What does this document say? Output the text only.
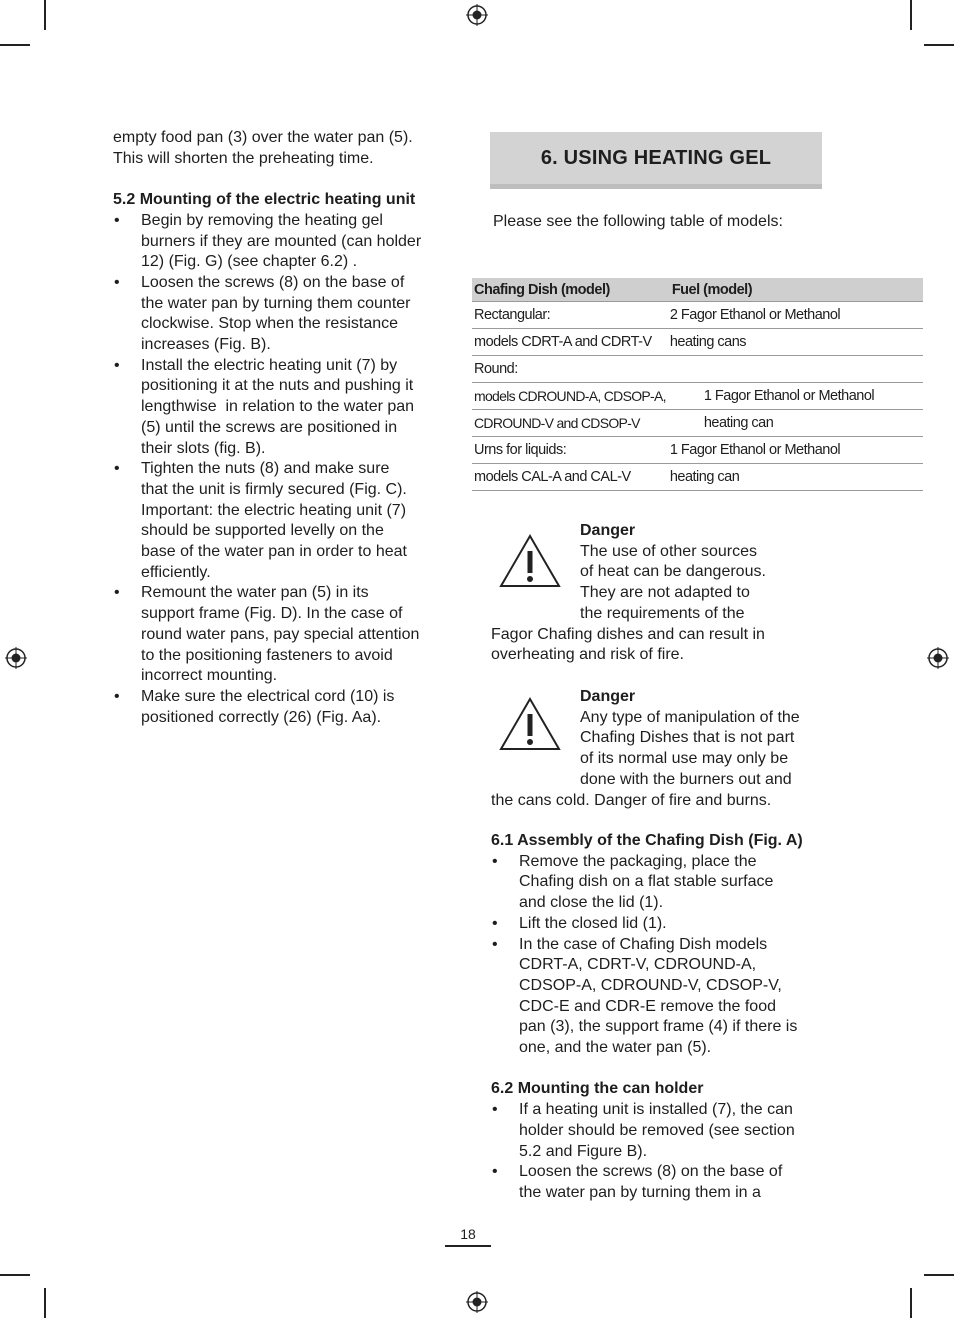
empty food pan (3) over the water pan (5).

This will shorten the preheating time.

5.2 Mounting of the electric heating unit

• Begin by removing the heating gel
burners if they are mounted (can holder
12) (Fig. G) (see chapter 6.2) .
• Loosen the screws (8) on the base of
the water pan by turning them counter
clockwise. Stop when the resistance
increases (Fig. B).
• Install the electric heating unit (7) by
positioning it at the nuts and pushing it
lengthwise  in relation to the water pan
(5) until the screws are positioned in
their slots (fig. B).
• Tighten the nuts (8) and make sure
that the unit is firmly secured (Fig. C).
Important: the electric heating unit (7)
should be supported levelly on the
base of the water pan in order to heat
efficiently.
• Remount the water pan (5) in its
support frame (Fig. D). In the case of
round water pans, pay special attention
to the positioning fasteners to avoid
incorrect mounting.
• Make sure the electrical cord (10) is
positioned correctly (26) (Fig. Aa).
6. USING HEATING GEL

Please see the following table of models:

Chafing Dish (model)	Fuel (model)
Rectangular:	2 Fagor Ethanol or Methanol
models CDRT-A and CDRT-V	heating cans
Round:	
models CDROUND-A, CDSOP-A,	1 Fagor Ethanol or Methanol
CDROUND-V and CDSOP-V	heating can
Urns for liquids:	1 Fagor Ethanol or Methanol
models CAL-A and CAL-V	heating can
Danger
The use of other sources
of heat can be dangerous.
They are not adapted to
the requirements of the
Fagor Chafing dishes and can result in
overheating and risk of fire.
Danger
Any type of manipulation of the
Chafing Dishes that is not part
of its normal use may only be
done with the burners out and
the cans cold. Danger of fire and burns.

6.1 Assembly of the Chafing Dish (Fig. A)

• Remove the packaging, place the
Chafing dish on a flat stable surface
and close the lid (1).
• Lift the closed lid (1).
• In the case of Chafing Dish models
CDRT-A, CDRT-V, CDROUND-A,
CDSOP-A, CDROUND-V, CDSOP-V,
CDC-E and CDR-E remove the food
pan (3), the support frame (4) if there is
one, and the water pan (5).

6.2 Mounting the can holder

• If a heating unit is installed (7), the can
holder should be removed (see section
5.2 and Figure B).
• Loosen the screws (8) on the base of
the water pan by turning them in a
18
